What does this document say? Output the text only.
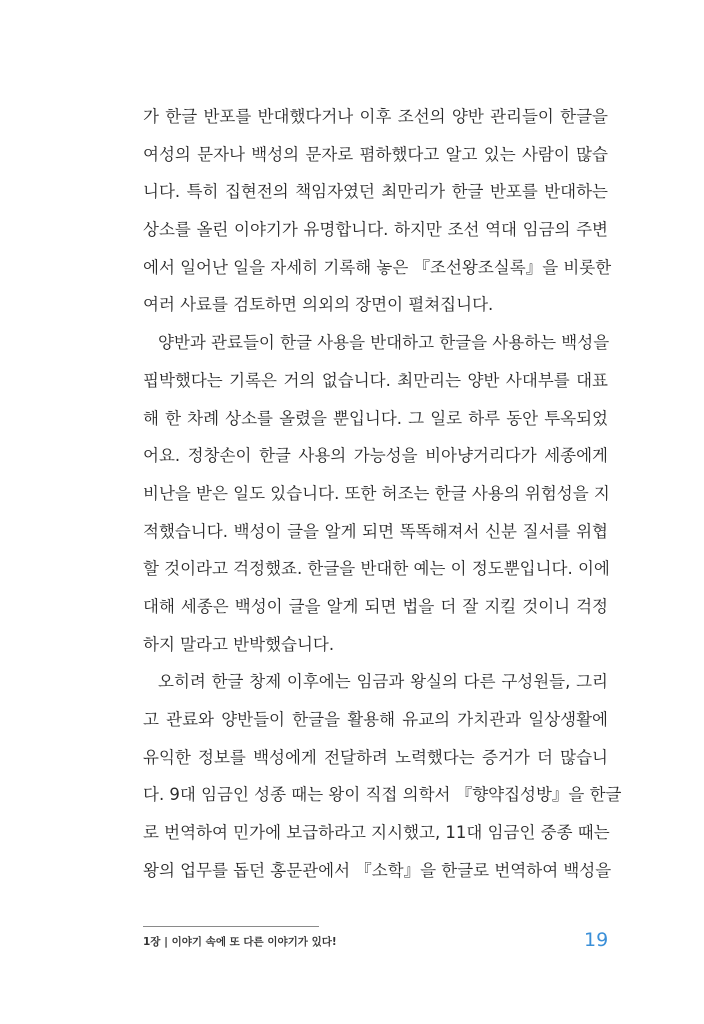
가 한글 반포를 반대했다거나 이후 조선의 양반 관리들이 한글을
여성의 문자나 백성의 문자로 폄하했다고 알고 있는 사람이 많습
니다. 특히 집현전의 책임자였던 최만리가 한글 반포를 반대하는
상소를 올린 이야기가 유명합니다. 하지만 조선 역대 임금의 주변
에서 일어난 일을 자세히 기록해 놓은 『조선왕조실록』을 비롯한
여러 사료를 검토하면 의외의 장면이 펼쳐집니다.
양반과 관료들이 한글 사용을 반대하고 한글을 사용하는 백성을
핍박했다는 기록은 거의 없습니다. 최만리는 양반 사대부를 대표
해 한 차례 상소를 올렸을 뿐입니다. 그 일로 하루 동안 투옥되었
어요. 정창손이 한글 사용의 가능성을 비아냥거리다가 세종에게
비난을 받은 일도 있습니다. 또한 허조는 한글 사용의 위험성을 지
적했습니다. 백성이 글을 알게 되면 똑똑해져서 신분 질서를 위협
할 것이라고 걱정했죠. 한글을 반대한 예는 이 정도뿐입니다. 이에
대해 세종은 백성이 글을 알게 되면 법을 더 잘 지킬 것이니 걱정
하지 말라고 반박했습니다.
오히려 한글 창제 이후에는 임금과 왕실의 다른 구성원들, 그리
고 관료와 양반들이 한글을 활용해 유교의 가치관과 일상생활에
유익한 정보를 백성에게 전달하려 노력했다는 증거가 더 많습니
다. 9대 임금인 성종 때는 왕이 직접 의학서 『향약집성방』을 한글
로 번역하여 민가에 보급하라고 지시했고, 11대 임금인 중종 때는
왕의 업무를 돕던 홍문관에서 『소학』을 한글로 번역하여 백성을
1장 | 이야기 속에 또 다른 이야기가 있다!	19
